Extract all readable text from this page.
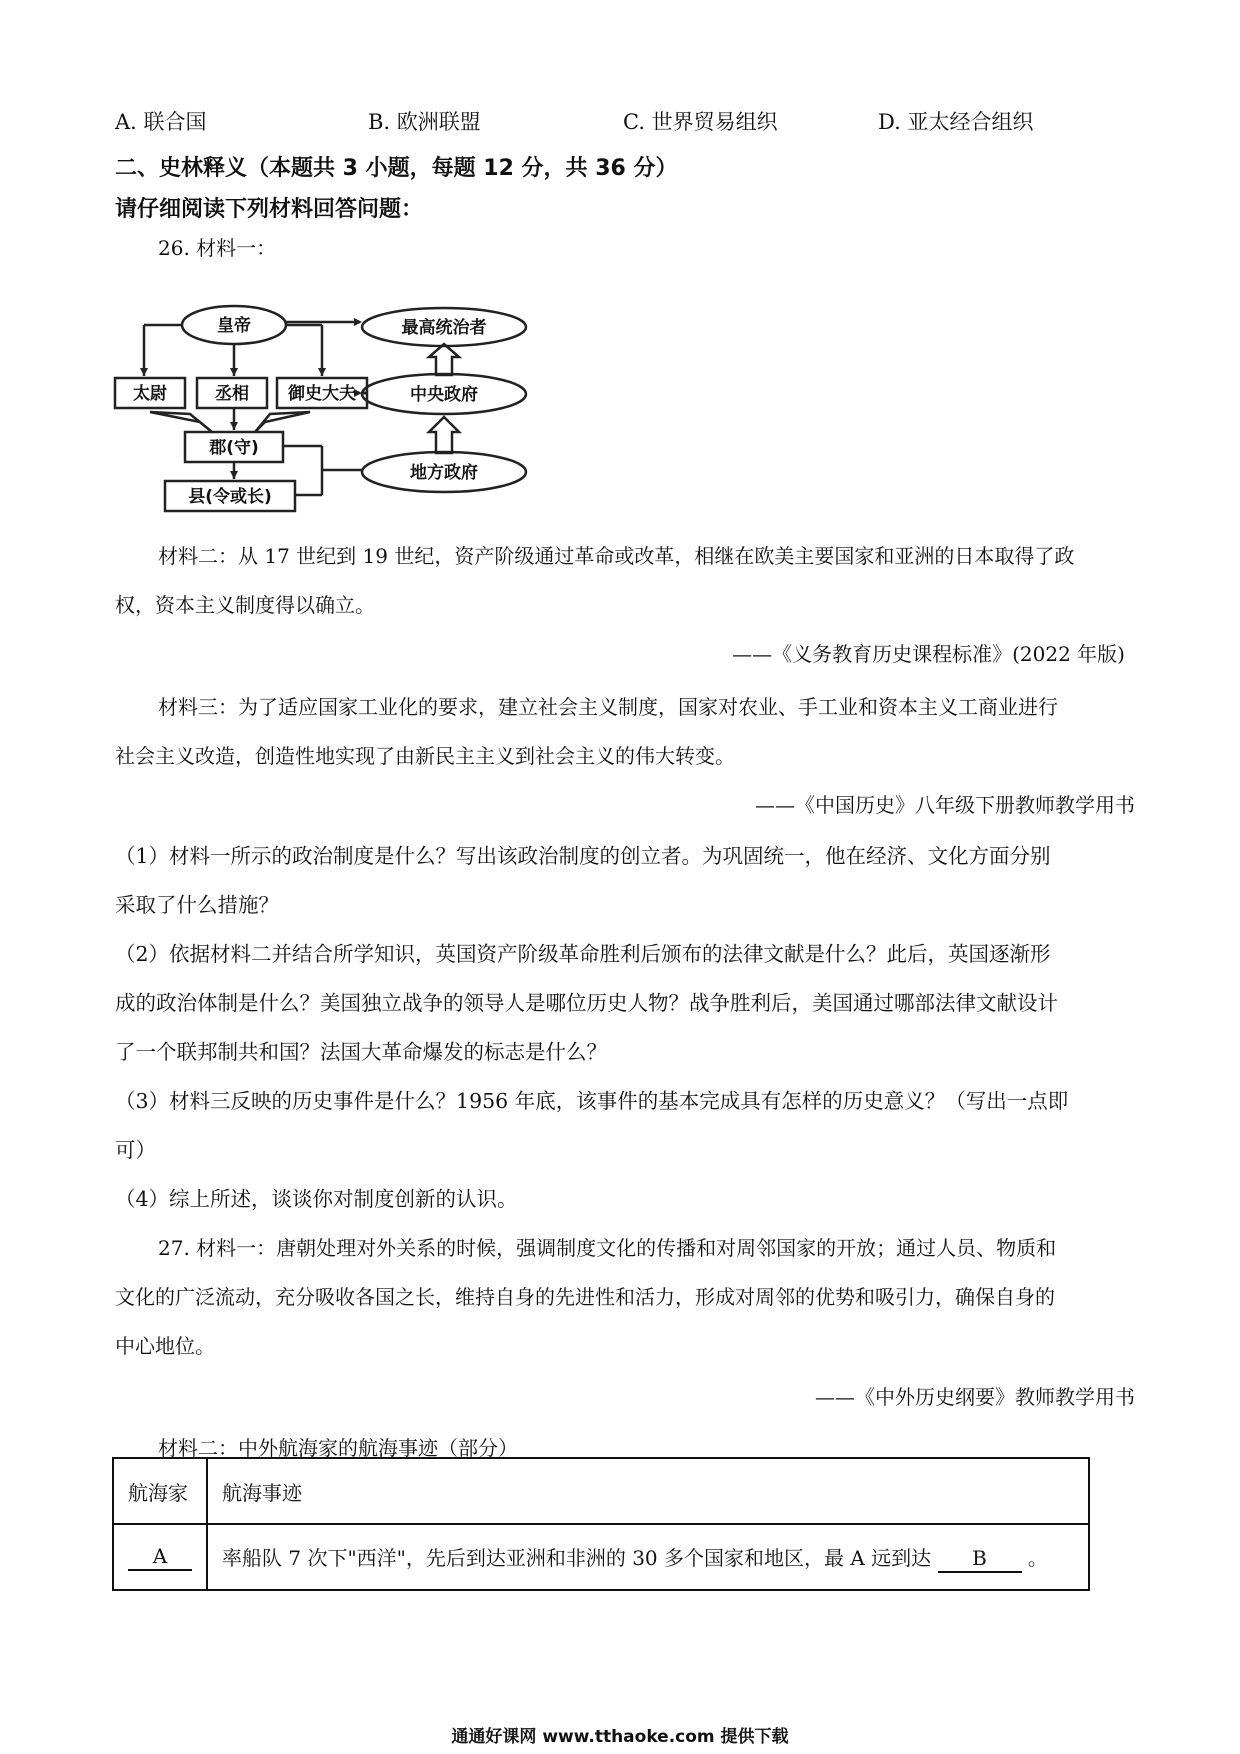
A. 联合国	B. 欧洲联盟	C. 世界贸易组织	D. 亚太经合组织
二、史林释义（本题共 3 小题，每题 12 分，共 36 分）
请仔细阅读下列材料回答问题：
26. 材料一：
皇帝
太尉	丞相 御史大夫
郡(守)
县(令或长)
最高统治者
中央政府
地方政府
材料二：从 17 世纪到 19 世纪，资产阶级通过革命或改革，相继在欧美主要国家和亚洲的日本取得了政
权，资本主义制度得以确立。
——《义务教育历史课程标准》(2022 年版)
材料三：为了适应国家工业化的要求，建立社会主义制度，国家对农业、手工业和资本主义工商业进行
社会主义改造，创造性地实现了由新民主主义到社会主义的伟大转变。
——《中国历史》八年级下册教师教学用书
（1）材料一所示的政治制度是什么？写出该政治制度的创立者。为巩固统一，他在经济、文化方面分别
采取了什么措施？
（2）依据材料二并结合所学知识，英国资产阶级革命胜利后颁布的法律文献是什么？此后，英国逐渐形
成的政治体制是什么？美国独立战争的领导人是哪位历史人物？战争胜利后，美国通过哪部法律文献设计
了一个联邦制共和国？法国大革命爆发的标志是什么？
（3）材料三反映的历史事件是什么？1956 年底，该事件的基本完成具有怎样的历史意义？（写出一点即
可）
（4）综上所述，谈谈你对制度创新的认识。
27. 材料一：唐朝处理对外关系的时候，强调制度文化的传播和对周邻国家的开放；通过人员、物质和
文化的广泛流动，充分吸收各国之长，维持自身的先进性和活力，形成对周邻的优势和吸引力，确保自身的
中心地位。
——《中外历史纲要》教师教学用书
材料二：中外航海家的航海事迹（部分）
航海家	航海事迹
A	率船队 7 次下"西洋"，先后到达亚洲和非洲的 30 多个国家和地区，最 A 远到达 B 。
通通好课网 www.tthaoke.com 提供下载
